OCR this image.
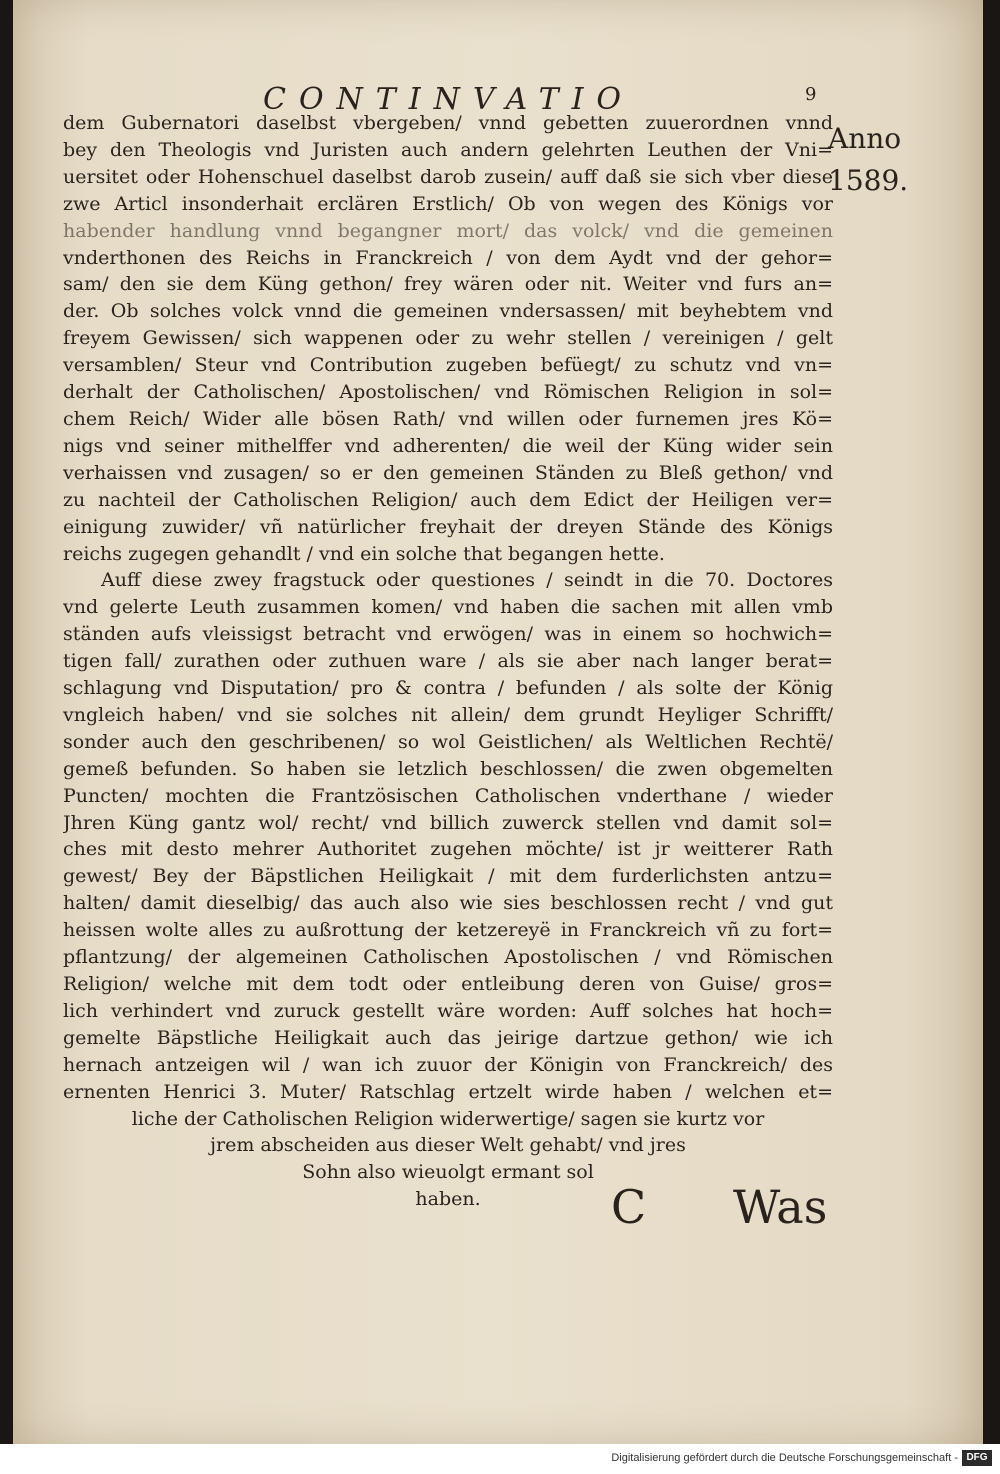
CONTINVATIO	9
Anno
1589.
dem Gubernatori daselbst vbergeben/ vnnd gebetten zuuerordnen vnnd
bey den Theologis vnd Juristen auch andern gelehrten Leuthen der Vni=
uersitet oder Hohenschuel daselbst darob zusein/ auff daß sie sich vber diese
zwe Articl insonderhait erclären Erstlich/ Ob von wegen des Königs vor
habender handlung vnnd begangner mort/ das volck/ vnd die gemeinen
vnderthonen des Reichs in Franckreich / von dem Aydt vnd der gehor=
sam/ den sie dem Küng gethon/ frey wären oder nit. Weiter vnd furs an=
der. Ob solches volck vnnd die gemeinen vndersassen/ mit beyhebtem vnd
freyem Gewissen/ sich wappenen oder zu wehr stellen / vereinigen / gelt
versamblen/ Steur vnd Contribution zugeben befüegt/ zu schutz vnd vn=
derhalt der Catholischen/ Apostolischen/ vnd Römischen Religion in sol=
chem Reich/ Wider alle bösen Rath/ vnd willen oder furnemen jres Kö=
nigs vnd seiner mithelffer vnd adherenten/ die weil der Küng wider sein
verhaissen vnd zusagen/ so er den gemeinen Ständen zu Bleß gethon/ vnd
zu nachteil der Catholischen Religion/ auch dem Edict der Heiligen ver=
einigung zuwider/ vñ natürlicher freyhait der dreyen Stände des Königs
reichs zugegen gehandlt / vnd ein solche that begangen hette.
Auff diese zwey fragstuck oder questiones / seindt in die 70. Doctores
vnd gelerte Leuth zusammen komen/ vnd haben die sachen mit allen vmb
ständen aufs vleissigst betracht vnd erwögen/ was in einem so hochwich=
tigen fall/ zurathen oder zuthuen ware / als sie aber nach langer berat=
schlagung vnd Disputation/ pro & contra / befunden / als solte der König
vngleich haben/ vnd sie solches nit allein/ dem grundt Heyliger Schrifft/
sonder auch den geschribenen/ so wol Geistlichen/ als Weltlichen Rechtë/
gemeß befunden. So haben sie letzlich beschlossen/ die zwen obgemelten
Puncten/ mochten die Frantzösischen Catholischen vnderthane / wieder
Jhren Küng gantz wol/ recht/ vnd billich zuwerck stellen vnd damit sol=
ches mit desto mehrer Authoritet zugehen möchte/ ist jr weitterer Rath
gewest/ Bey der Bäpstlichen Heiligkait / mit dem furderlichsten antzu=
halten/ damit dieselbig/ das auch also wie sies beschlossen recht / vnd gut
heissen wolte alles zu außrottung der ketzereyë in Franckreich vñ zu fort=
pflantzung/ der algemeinen Catholischen Apostolischen / vnd Römischen
Religion/ welche mit dem todt oder entleibung deren von Guise/ gros=
lich verhindert vnd zuruck gestellt wäre worden: Auff solches hat hoch=
gemelte Bäpstliche Heiligkait auch das jeirige dartzue gethon/ wie ich
hernach antzeigen wil / wan ich zuuor der Königin von Franckreich/ des
ernenten Henrici 3. Muter/ Ratschlag ertzelt wirde haben / welchen et=
liche der Catholischen Religion widerwertige/ sagen sie kurtz vor
jrem abscheiden aus dieser Welt gehabt/ vnd jres
Sohn also wieuolgt ermant sol
haben.	C Was
Digitalisierung gefördert durch die Deutsche Forschungsgemeinschaft - DFG
